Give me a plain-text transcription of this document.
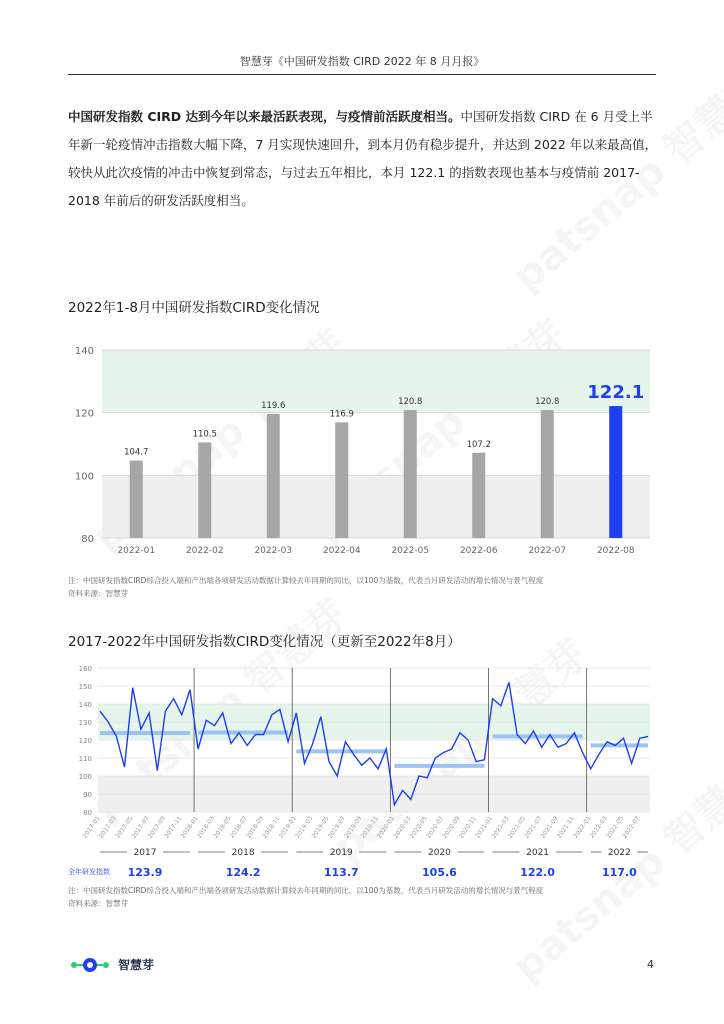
智慧芽《中国研发指数 CIRD 2022 年 8 月月报》
中国研发指数 CIRD 达到今年以来最活跃表现，与疫情前活跃度相当。中国研发指数 CIRD 在 6 月受上半年新一轮疫情冲击指数大幅下降，7 月实现快速回升，到本月仍有稳步提升，并达到 2022 年以来最高值，较快从此次疫情的冲击中恢复到常态，与过去五年相比，本月 122.1 的指数表现也基本与疫情前 2017-2018 年前后的研发活跃度相当。
2022年1-8月中国研发指数CIRD变化情况
140
120
100
80
104.7
2022-01
110.5
2022-02
119.6
2022-03
116.9
2022-04
120.8
2022-05
107.2
2022-06
120.8
2022-07
122.1
2022-08
注：中国研发指数CIRD综合投入端和产出端各项研发活动数据计算较去年同期的同比，以100为基数，代表当月研发活动的增长情况与景气程度
资料来源：智慧芽
2017-2022年中国研发指数CIRD变化情况（更新至2022年8月）
160
150
140
130
120
110
100
90
80
2017-01
2017-03
2017-05
2017-07
2017-09
2017-11
2018-01
2018-03
2018-05
2018-07
2018-09
2018-11
2019-01
2019-03
2019-05
2019-07
2019-09
2019-11
2020-01
2020-03
2020-05
2020-07
2020-09
2020-11
2021-01
2021-03
2021-05
2021-07
2021-09
2021-11
2022-01
2022-03
2022-05
2022-07
全年研发指数
2017
123.9
2018
124.2
2019
113.7
2020
105.6
2021
122.0
2022
117.0
注：中国研发指数CIRD综合投入端和产出端各项研发活动数据计算较去年同期的同比，以100为基数，代表当月研发活动的增长情况与景气程度
资料来源：智慧芽
智慧芽	4
